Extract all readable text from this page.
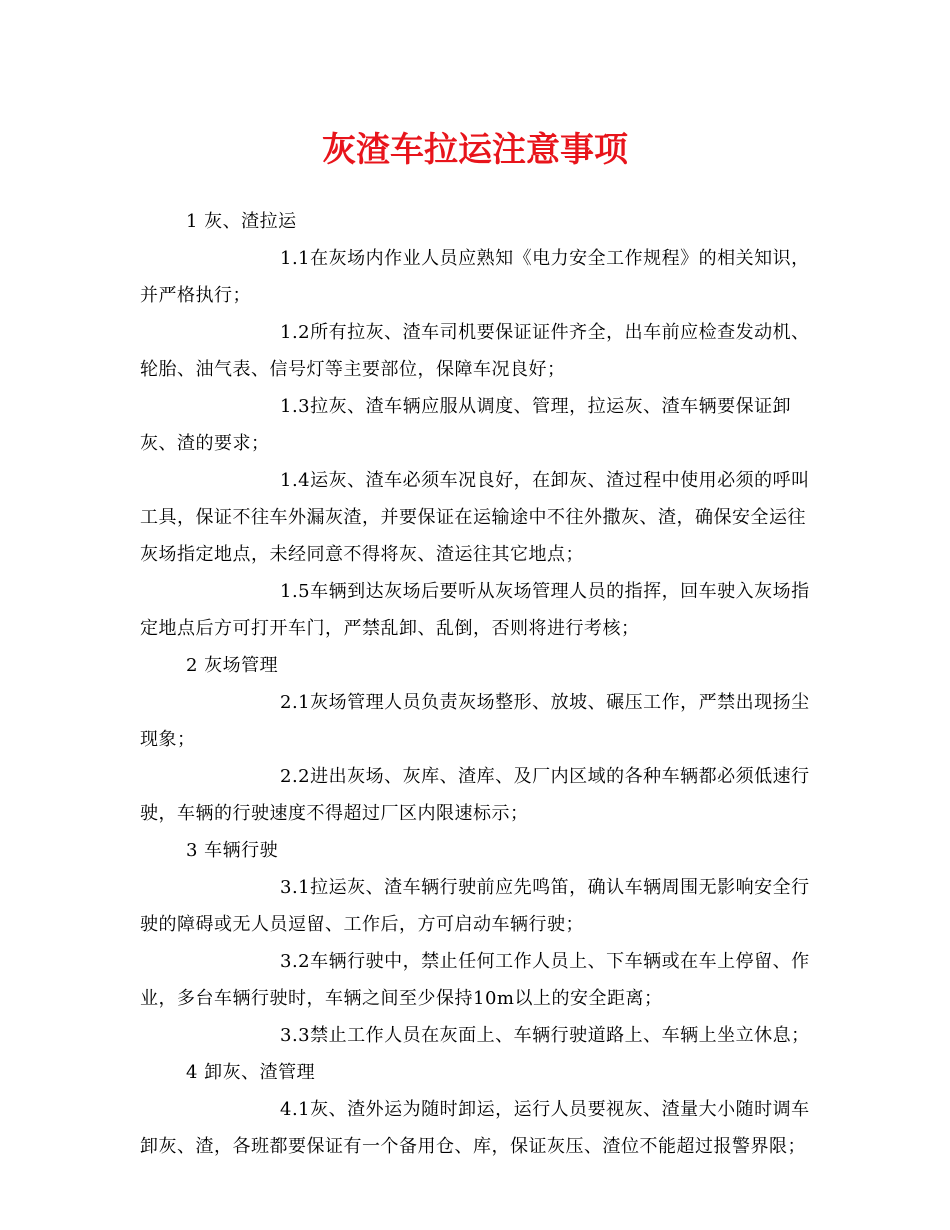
灰渣车拉运注意事项

1 灰、渣拉运

1.1在灰场内作业人员应熟知《电力安全工作规程》的相关知识，并严格执行；

1.2所有拉灰、渣车司机要保证证件齐全，出车前应检查发动机、轮胎、油气表、信号灯等主要部位，保障车况良好；

1.3拉灰、渣车辆应服从调度、管理，拉运灰、渣车辆要保证卸灰、渣的要求；

1.4运灰、渣车必须车况良好，在卸灰、渣过程中使用必须的呼叫工具，保证不往车外漏灰渣，并要保证在运输途中不往外撒灰、渣，确保安全运往灰场指定地点，未经同意不得将灰、渣运往其它地点；

1.5车辆到达灰场后要听从灰场管理人员的指挥，回车驶入灰场指定地点后方可打开车门，严禁乱卸、乱倒，否则将进行考核；

2 灰场管理

2.1灰场管理人员负责灰场整形、放坡、碾压工作，严禁出现扬尘现象；

2.2进出灰场、灰库、渣库、及厂内区域的各种车辆都必须低速行驶，车辆的行驶速度不得超过厂区内限速标示；

3 车辆行驶

3.1拉运灰、渣车辆行驶前应先鸣笛，确认车辆周围无影响安全行驶的障碍或无人员逗留、工作后，方可启动车辆行驶；

3.2车辆行驶中，禁止任何工作人员上、下车辆或在车上停留、作业，多台车辆行驶时，车辆之间至少保持10m以上的安全距离；

3.3禁止工作人员在灰面上、车辆行驶道路上、车辆上坐立休息；

4 卸灰、渣管理

4.1灰、渣外运为随时卸运，运行人员要视灰、渣量大小随时调车卸灰、渣，各班都要保证有一个备用仓、库，保证灰压、渣位不能超过报警界限；
